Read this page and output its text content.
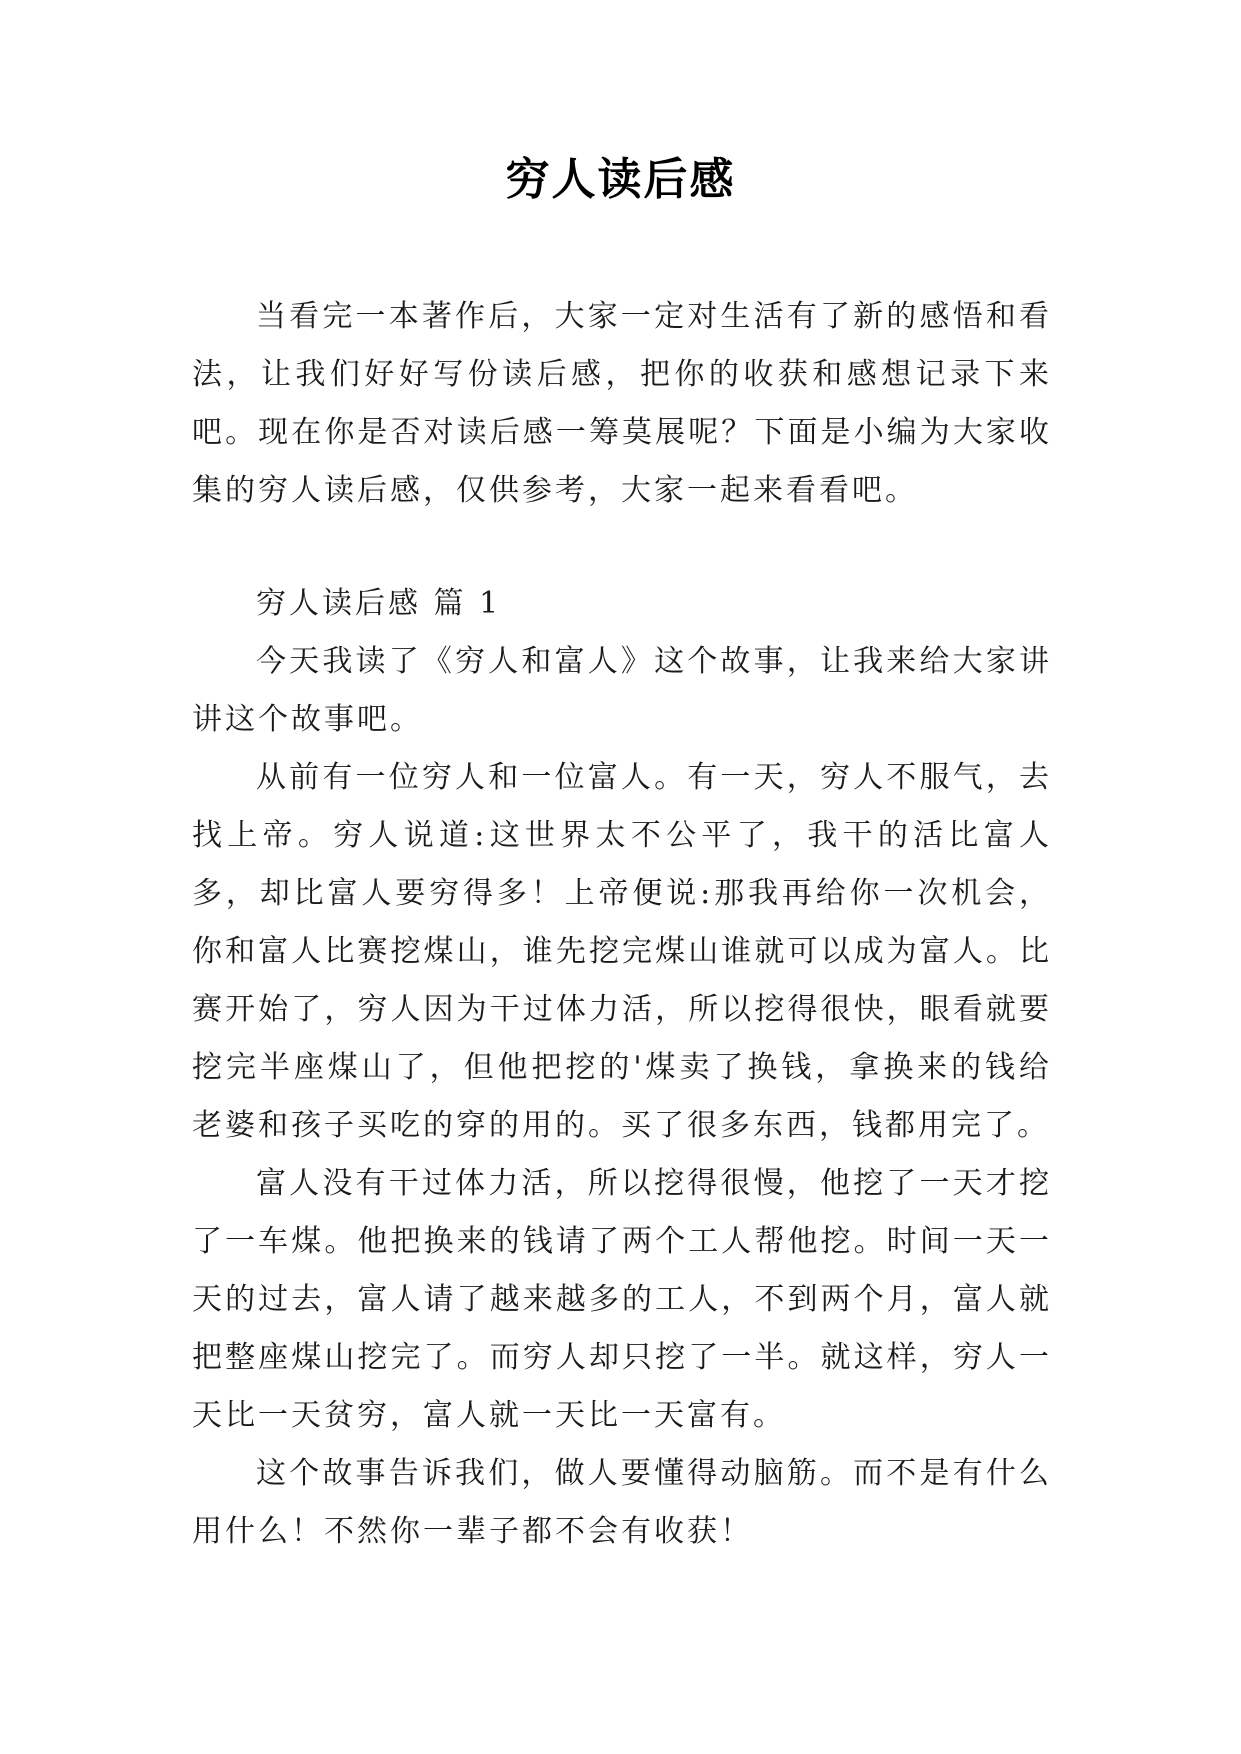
穷人读后感

当看完一本著作后，大家一定对生活有了新的感悟和看法，让我们好好写份读后感，把你的收获和感想记录下来吧。现在你是否对读后感一筹莫展呢？下面是小编为大家收集的穷人读后感，仅供参考，大家一起来看看吧。

穷人读后感 篇 1

今天我读了《穷人和富人》这个故事，让我来给大家讲讲这个故事吧。

从前有一位穷人和一位富人。有一天，穷人不服气，去找上帝。穷人说道:这世界太不公平了，我干的活比富人多，却比富人要穷得多！上帝便说:那我再给你一次机会，你和富人比赛挖煤山，谁先挖完煤山谁就可以成为富人。比赛开始了，穷人因为干过体力活，所以挖得很快，眼看就要挖完半座煤山了，但他把挖的'煤卖了换钱，拿换来的钱给老婆和孩子买吃的穿的用的。买了很多东西，钱都用完了。

富人没有干过体力活，所以挖得很慢，他挖了一天才挖了一车煤。他把换来的钱请了两个工人帮他挖。时间一天一天的过去，富人请了越来越多的工人，不到两个月，富人就把整座煤山挖完了。而穷人却只挖了一半。就这样，穷人一天比一天贫穷，富人就一天比一天富有。

这个故事告诉我们，做人要懂得动脑筋。而不是有什么用什么！不然你一辈子都不会有收获！
